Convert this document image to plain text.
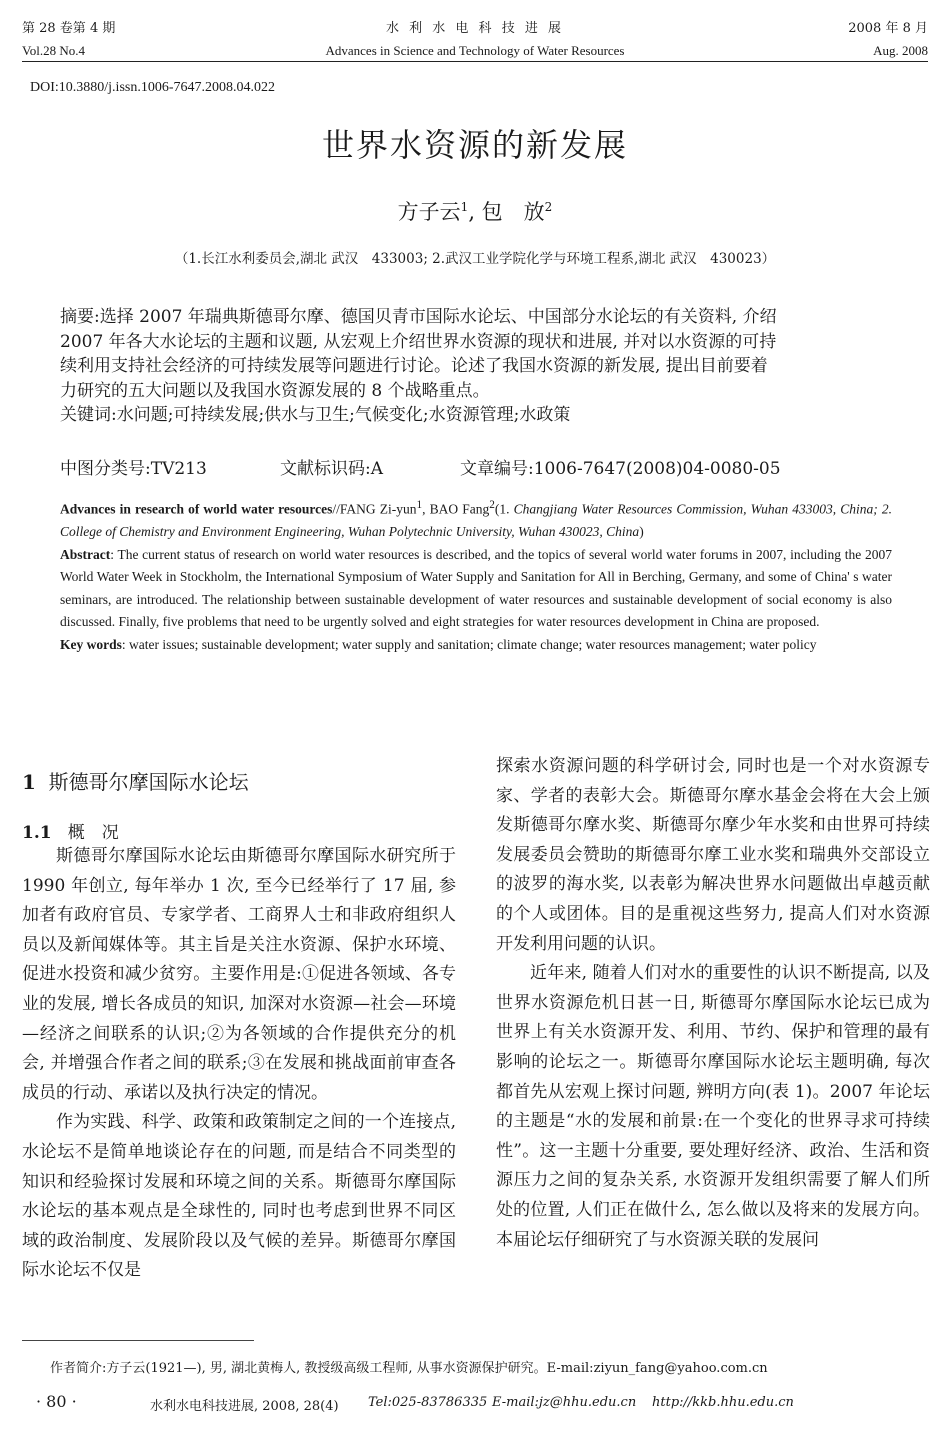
第 28 卷第 4 期
Vol.28 No.4
水 利 水 电 科 技 进 展
Advances in Science and Technology of Water Resources
2008 年 8 月
Aug. 2008
DOI:10.3880/j.issn.1006-7647.2008.04.022
世界水资源的新发展
方子云$^1$, 包　放$^2$
（1.长江水利委员会,湖北 武汉　433003; 2.武汉工业学院化学与环境工程系,湖北 武汉　430023）

摘要:选择 2007 年瑞典斯德哥尔摩、德国贝青市国际水论坛、中国部分水论坛的有关资料, 介绍

2007 年各大水论坛的主题和议题, 从宏观上介绍世界水资源的现状和进展, 并对以水资源的可持

续利用支持社会经济的可持续发展等问题进行讨论。论述了我国水资源的新发展, 提出目前要着

力研究的五大问题以及我国水资源发展的 8 个战略重点。

关键词:水问题;可持续发展;供水与卫生;气候变化;水资源管理;水政策

中图分类号:TV213	文献标识码:A	文章编号:1006-7647(2008)04-0080-05

Advances in research of world water resources//FANG Zi-yun$^1$, BAO Fang$^2$(1. Changjiang Water Resources Commission, Wuhan 433003, China; 2. College of Chemistry and Environment Engineering, Wuhan Polytechnic University, Wuhan 430023, China)

Abstract: The current status of research on world water resources is described, and the topics of several world water forums in 2007, including the 2007 World Water Week in Stockholm, the International Symposium of Water Supply and Sanitation for All in Berching, Germany, and some of China' s water seminars, are introduced. The relationship between sustainable development of water resources and sustainable development of social economy is also discussed. Finally, five problems that need to be urgently solved and eight strategies for water resources development in China are proposed.

Key words: water issues; sustainable development; water supply and sanitation; climate change; water resources management; water policy

1 斯德哥尔摩国际水论坛
1.1 概　况

斯德哥尔摩国际水论坛由斯德哥尔摩国际水研究所于 1990 年创立, 每年举办 1 次, 至今已经举行了 17 届, 参加者有政府官员、专家学者、工商界人士和非政府组织人员以及新闻媒体等。其主旨是关注水资源、保护水环境、促进水投资和减少贫穷。主要作用是:①促进各领域、各专业的发展, 增长各成员的知识, 加深对水资源—社会—环境—经济之间联系的认识;②为各领域的合作提供充分的机会, 并增强合作者之间的联系;③在发展和挑战面前审查各成员的行动、承诺以及执行决定的情况。

作为实践、科学、政策和政策制定之间的一个连接点, 水论坛不是简单地谈论存在的问题, 而是结合不同类型的知识和经验探讨发展和环境之间的关系。斯德哥尔摩国际水论坛的基本观点是全球性的, 同时也考虑到世界不同区域的政治制度、发展阶段以及气候的差异。斯德哥尔摩国际水论坛不仅是

探索水资源问题的科学研讨会, 同时也是一个对水资源专家、学者的表彰大会。斯德哥尔摩水基金会将在大会上颁发斯德哥尔摩水奖、斯德哥尔摩少年水奖和由世界可持续发展委员会赞助的斯德哥尔摩工业水奖和瑞典外交部设立的波罗的海水奖, 以表彰为解决世界水问题做出卓越贡献的个人或团体。目的是重视这些努力, 提高人们对水资源开发利用问题的认识。

近年来, 随着人们对水的重要性的认识不断提高, 以及世界水资源危机日甚一日, 斯德哥尔摩国际水论坛已成为世界上有关水资源开发、利用、节约、保护和管理的最有影响的论坛之一。斯德哥尔摩国际水论坛主题明确, 每次都首先从宏观上探讨问题, 辨明方向(表 1)。2007 年论坛的主题是“水的发展和前景:在一个变化的世界寻求可持续性”。这一主题十分重要, 要处理好经济、政治、生活和资源压力之间的复杂关系, 水资源开发组织需要了解人们所处的位置, 人们正在做什么, 怎么做以及将来的发展方向。本届论坛仔细研究了与水资源关联的发展问

作者简介:方子云(1921—), 男, 湖北黄梅人, 教授级高级工程师, 从事水资源保护研究。E-mail:ziyun_fang@yahoo.com.cn
· 80 ·	水利水电科技进展, 2008, 28(4) Tel:025-83786335 E-mail:jz@hhu.edu.cn http://kkb.hhu.edu.cn
